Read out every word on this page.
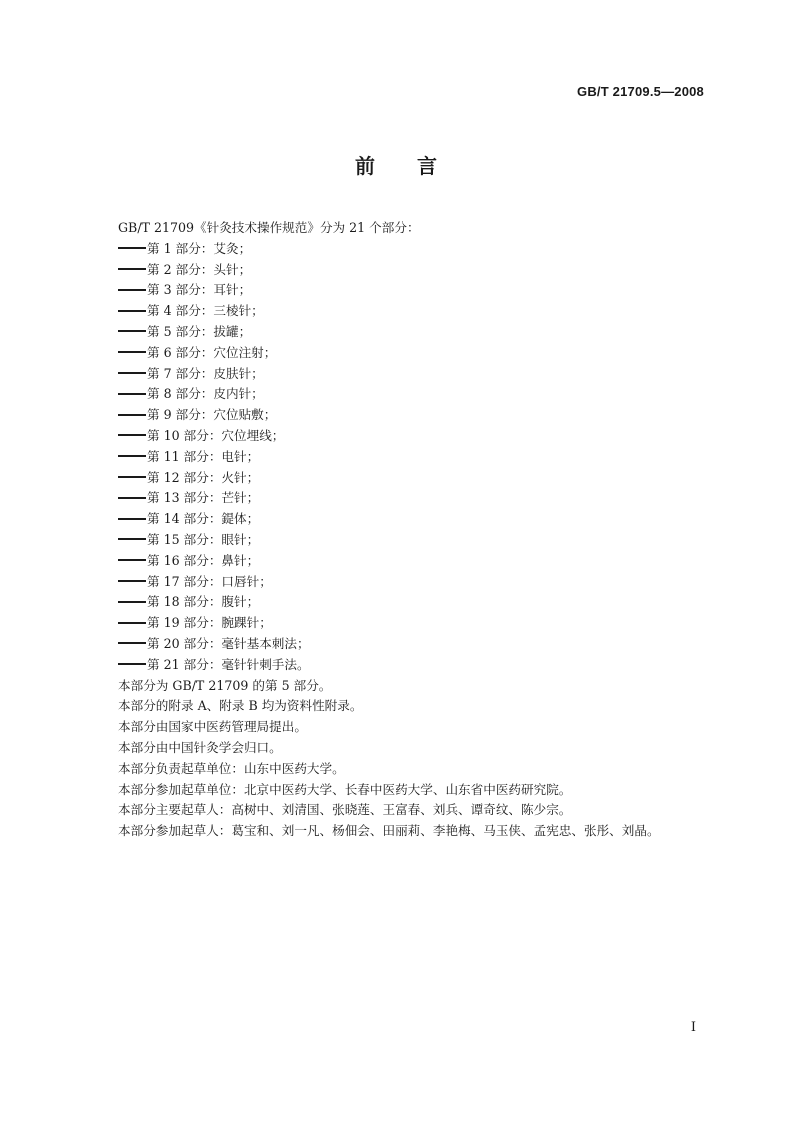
GB/T 21709.5—2008
前 言
GB/T 21709《针灸技术操作规范》分为 21 个部分：
第 1 部分：艾灸；
第 2 部分：头针；
第 3 部分：耳针；
第 4 部分：三棱针；
第 5 部分：拔罐；
第 6 部分：穴位注射；
第 7 部分：皮肤针；
第 8 部分：皮内针；
第 9 部分：穴位贴敷；
第 10 部分：穴位埋线；
第 11 部分：电针；
第 12 部分：火针；
第 13 部分：芒针；
第 14 部分：鍉体；
第 15 部分：眼针；
第 16 部分：鼻针；
第 17 部分：口唇针；
第 18 部分：腹针；
第 19 部分：腕踝针；
第 20 部分：毫针基本刺法；
第 21 部分：毫针针刺手法。
本部分为 GB/T 21709 的第 5 部分。
本部分的附录 A、附录 B 均为资料性附录。
本部分由国家中医药管理局提出。
本部分由中国针灸学会归口。
本部分负责起草单位：山东中医药大学。
本部分参加起草单位：北京中医药大学、长春中医药大学、山东省中医药研究院。
本部分主要起草人：高树中、刘清国、张晓莲、王富春、刘兵、谭奇纹、陈少宗。
本部分参加起草人：葛宝和、刘一凡、杨佃会、田丽莉、李艳梅、马玉侠、孟宪忠、张彤、刘晶。
I
